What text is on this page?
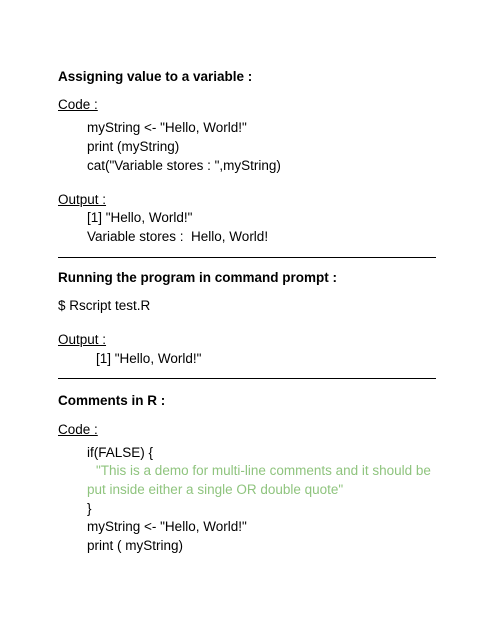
Assigning value to a variable :
Code :
myString <- "Hello, World!"
print (myString)
cat("Variable stores : ",myString)
Output :
[1] "Hello, World!"
Variable stores :  Hello, World!
Running the program in command prompt :
$ Rscript test.R
Output :
[1] "Hello, World!"
Comments in R :
Code :
if(FALSE) {
"This is a demo for multi-line comments and it should be
put inside either a single OR double quote"
}
myString <- "Hello, World!"
print ( myString)
